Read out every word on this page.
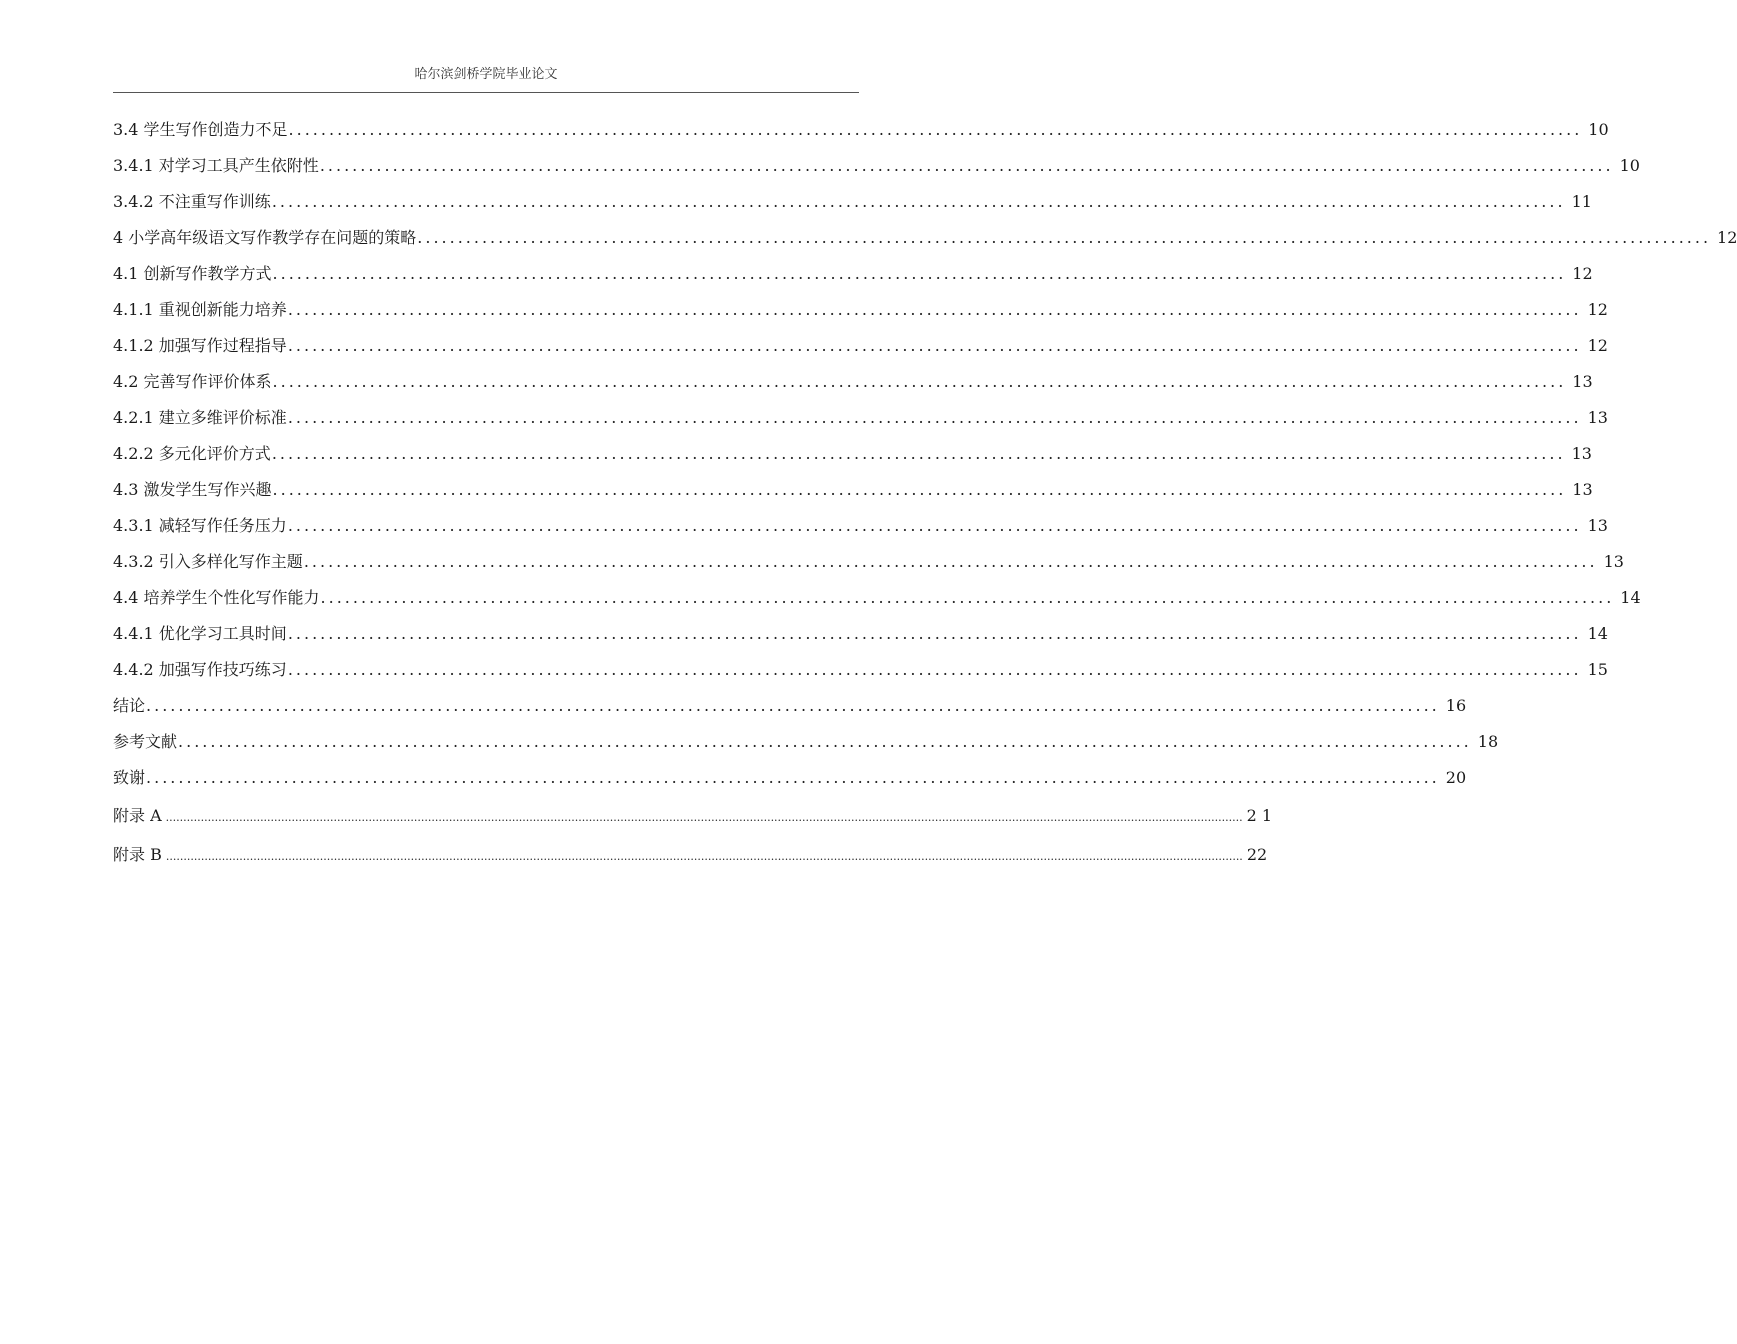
哈尔滨剑桥学院毕业论文
3.4 学生写作创造力不足 ................................................................................................................................................................ 10
3.4.1 对学习工具产生依附性 ................................................................................................................................................................ 10
3.4.2 不注重写作训练 ................................................................................................................................................................ 11
4 小学高年级语文写作教学存在问题的策略 ................................................................................................................................................................ 12
4.1 创新写作教学方式 ................................................................................................................................................................ 12
4.1.1 重视创新能力培养 ................................................................................................................................................................ 12
4.1.2 加强写作过程指导 ................................................................................................................................................................ 12
4.2 完善写作评价体系 ................................................................................................................................................................ 13
4.2.1 建立多维评价标准 ................................................................................................................................................................ 13
4.2.2 多元化评价方式 ................................................................................................................................................................ 13
4.3 激发学生写作兴趣 ................................................................................................................................................................ 13
4.3.1 减轻写作任务压力 ................................................................................................................................................................ 13
4.3.2 引入多样化写作主题 ................................................................................................................................................................ 13
4.4 培养学生个性化写作能力 ................................................................................................................................................................ 14
4.4.1 优化学习工具时间 ................................................................................................................................................................ 14
4.4.2 加强写作技巧练习 ................................................................................................................................................................ 15
结论 ................................................................................................................................................................ 16
参考文献 ................................................................................................................................................................ 18
致谢 ................................................................................................................................................................ 20
附录 A .................................................................................................................................................................................................................................................................................................................... 2 1
附录 B .................................................................................................................................................................................................................................................................................................................... 22
